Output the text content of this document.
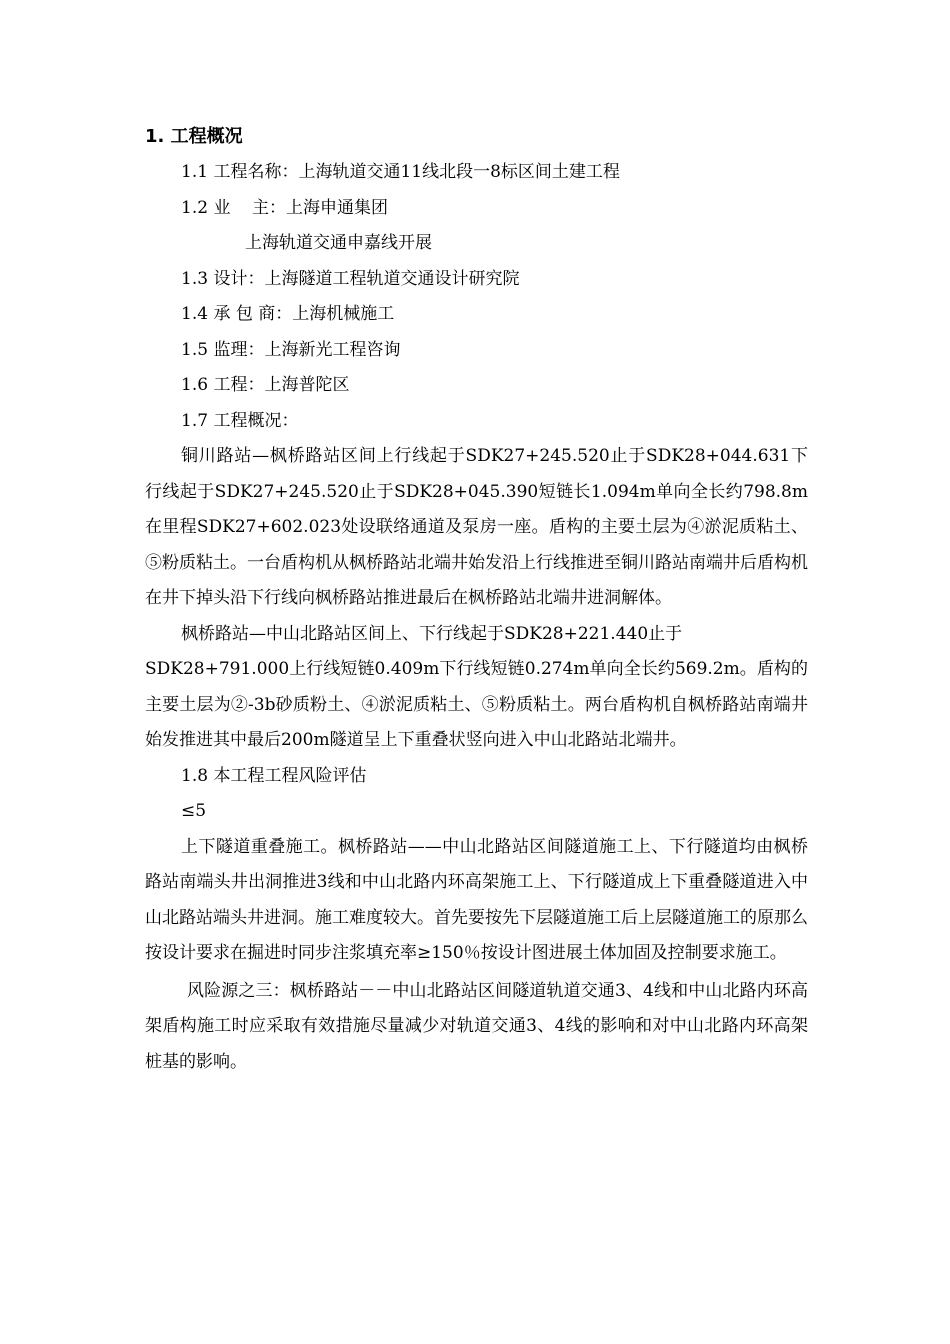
1. 工程概况
1.1 工程名称：上海轨道交通11线北段一8标区间土建工程
1.2 业    主：上海申通集团
上海轨道交通申嘉线开展
1.3 设计：上海隧道工程轨道交通设计研究院
1.4 承 包 商：上海机械施工
1.5 监理：上海新光工程咨询
1.6 工程：上海普陀区
1.7 工程概况：
铜川路站—枫桥路站区间上行线起于SDK27+245.520止于SDK28+044.631下行线起于SDK27+245.520止于SDK28+045.390短链长1.094m单向全长约798.8m在里程SDK27+602.023处设联络通道及泵房一座。盾构的主要土层为④淤泥质粘土、⑤粉质粘土。一台盾构机从枫桥路站北端井始发沿上行线推进至铜川路站南端井后盾构机在井下掉头沿下行线向枫桥路站推进最后在枫桥路站北端井进洞解体。
枫桥路站—中山北路站区间上、下行线起于SDK28+221.440止于
SDK28+791.000上行线短链0.409m下行线短链0.274m单向全长约569.2m。盾构的主要土层为②-3b砂质粉土、④淤泥质粘土、⑤粉质粘土。两台盾构机自枫桥路站南端井始发推进其中最后200m隧道呈上下重叠状竖向进入中山北路站北端井。
1.8 本工程工程风险评估
≤5
上下隧道重叠施工。枫桥路站——中山北路站区间隧道施工上、下行隧道均由枫桥路站南端头井出洞推进3线和中山北路内环高架施工上、下行隧道成上下重叠隧道进入中山北路站端头井进洞。施工难度较大。首先要按先下层隧道施工后上层隧道施工的原那么按设计要求在掘进时同步注浆填充率≥150％按设计图进展土体加固及控制要求施工。
风险源之三：枫桥路站－－中山北路站区间隧道轨道交通3、4线和中山北路内环高架盾构施工时应采取有效措施尽量减少对轨道交通3、4线的影响和对中山北路内环高架桩基的影响。
